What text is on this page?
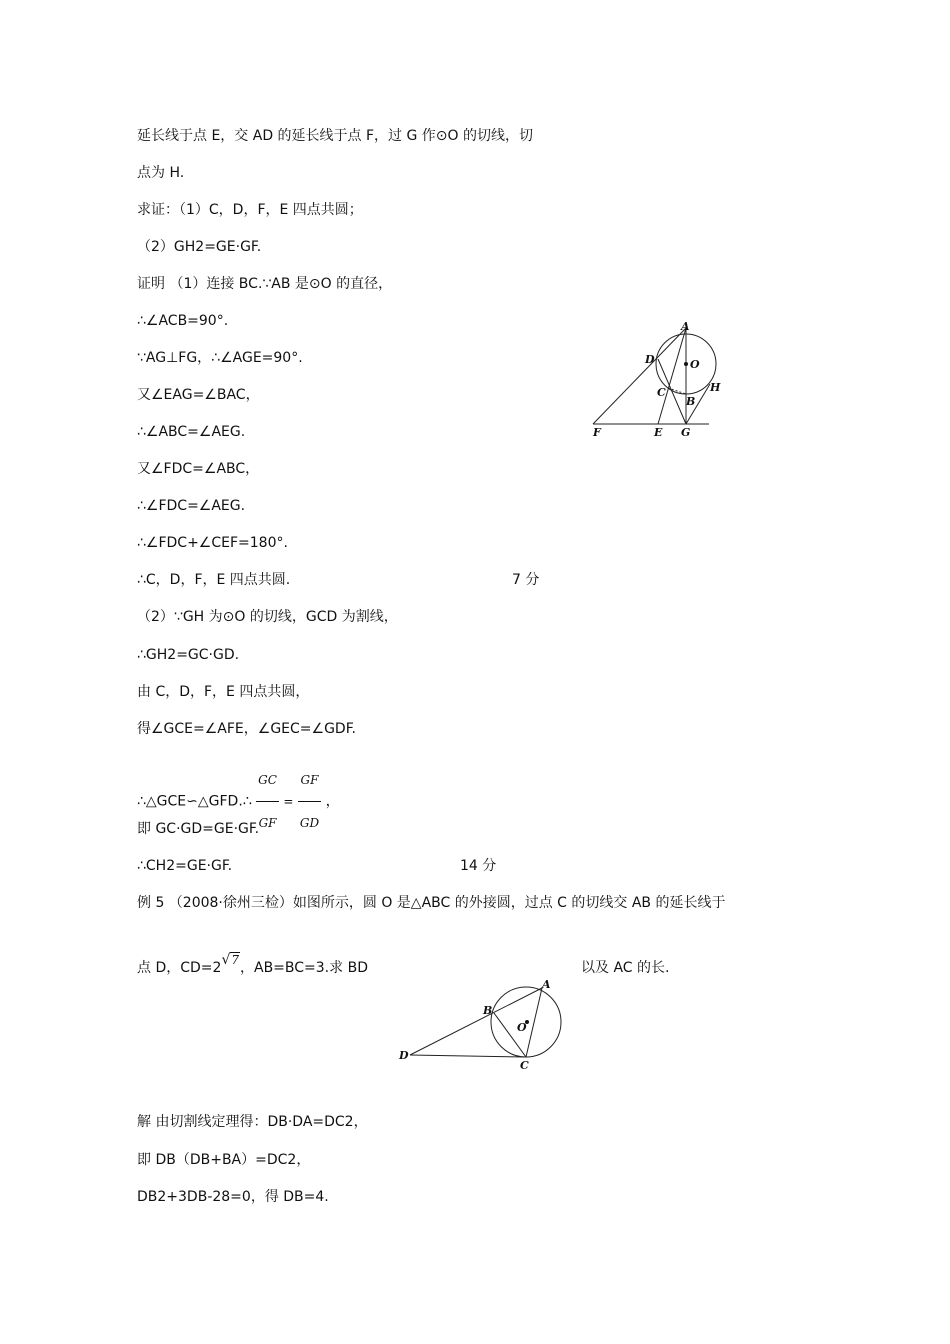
延长线于点 E，交 AD 的延长线于点 F，过 G 作⊙O 的切线，切
点为 H.
求证：（1）C，D，F，E 四点共圆；
（2）GH2=GE·GF.
证明 （1）连接 BC.∵AB 是⊙O 的直径，
∴∠ACB=90°.
∵AG⊥FG，∴∠AGE=90°.
又∠EAG=∠BAC，
∴∠ABC=∠AEG.
又∠FDC=∠ABC，
∴∠FDC=∠AEG.
∴∠FDC+∠CEF=180°.
∴C，D，F，E 四点共圆.	7 分
（2）∵GH 为⊙O 的切线，GCD 为割线，
∴GH2=GC·GD.
由 C，D，F，E 四点共圆，
得∠GCE=∠AFE，∠GEC=∠GDF.
∴△GCE∽△GFD.∴ $\frac{GC}{GF} = \frac{GF}{GD}$ ，
即 GC·GD=GE·GF.
∴CH2=GE·GF.	14 分
例 5 （2008·徐州三检）如图所示，圆 O 是△ABC 的外接圆，过点 C 的切线交 AB 的延长线于
点 D，CD=2√7，AB=BC=3.求 BD	以及 AC 的长.
解 由切割线定理得：DB·DA=DC2，
即 DB（DB+BA）=DC2，
DB2+3DB-28=0，得 DB=4.
A
D	O
C	H
B
F	E G
A
B
O
D
C
